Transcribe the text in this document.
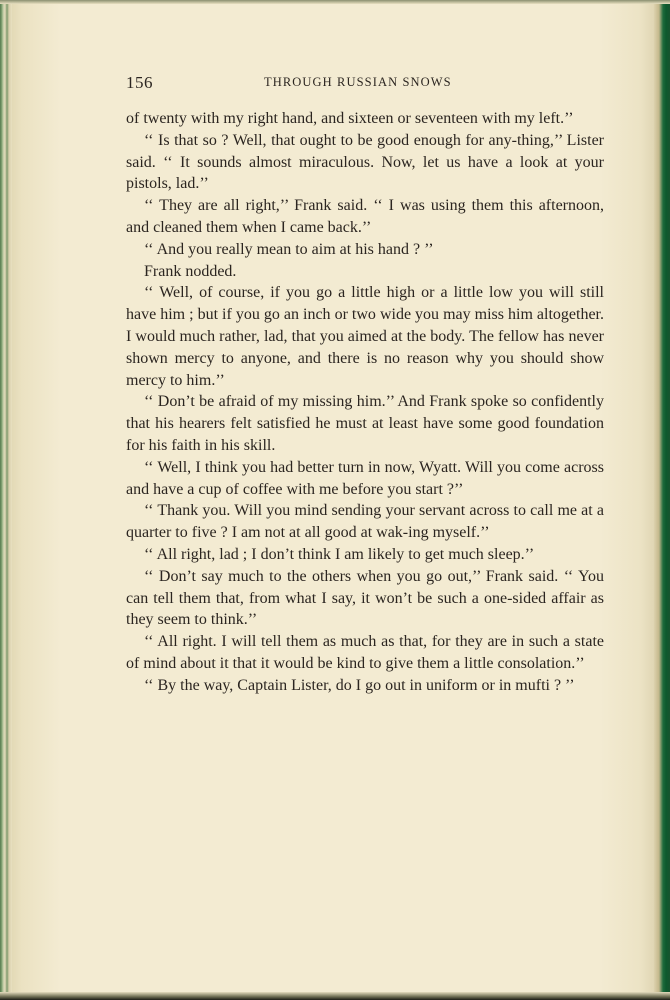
156	THROUGH RUSSIAN SNOWS

of twenty with my right hand, and sixteen or seventeen with my left.’’

‘‘ Is that so ? Well, that ought to be good enough for any-thing,’’ Lister said. ‘‘ It sounds almost miraculous. Now, let us have a look at your pistols, lad.’’

‘‘ They are all right,’’ Frank said. ‘‘ I was using them this afternoon, and cleaned them when I came back.’’

‘‘ And you really mean to aim at his hand ? ’’

Frank nodded.

‘‘ Well, of course, if you go a little high or a little low you will still have him ; but if you go an inch or two wide you may miss him altogether. I would much rather, lad, that you aimed at the body. The fellow has never shown mercy to anyone, and there is no reason why you should show mercy to him.’’

‘‘ Don’t be afraid of my missing him.’’ And Frank spoke so confidently that his hearers felt satisfied he must at least have some good foundation for his faith in his skill.

‘‘ Well, I think you had better turn in now, Wyatt. Will you come across and have a cup of coffee with me before you start ?’’

‘‘ Thank you. Will you mind sending your servant across to call me at a quarter to five ? I am not at all good at wak-ing myself.’’

‘‘ All right, lad ; I don’t think I am likely to get much sleep.’’

‘‘ Don’t say much to the others when you go out,’’ Frank said. ‘‘ You can tell them that, from what I say, it won’t be such a one-sided affair as they seem to think.’’

‘‘ All right. I will tell them as much as that, for they are in such a state of mind about it that it would be kind to give them a little consolation.’’

‘‘ By the way, Captain Lister, do I go out in uniform or in mufti ? ’’
